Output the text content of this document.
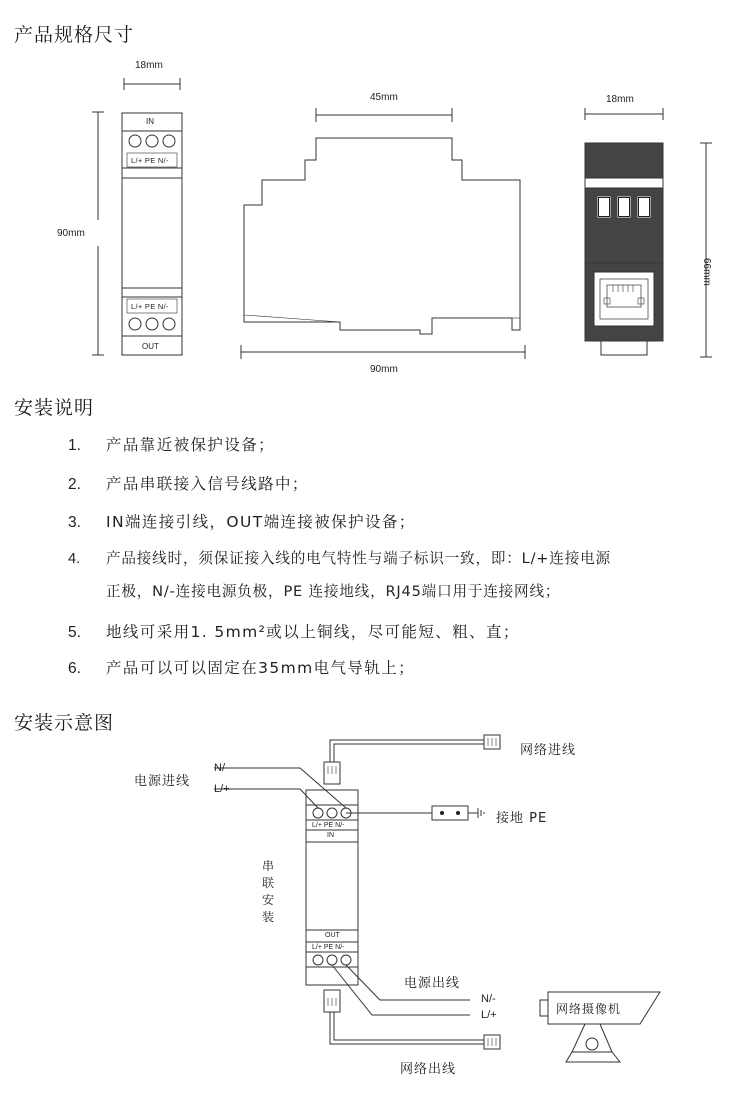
产品规格尺寸
18mm
90mm
IN
L/+ PE N/-
L/+ PE N/-
OUT
45mm
90mm
18mm
66mm
安装说明
1. 产品靠近被保护设备；
2. 产品串联接入信号线路中；
3. IN端连接引线，OUT端连接被保护设备；
4. 产品接线时，须保证接入线的电气特性与端子标识一致，即：L/+连接电源
正极，N/-连接电源负极，PE 连接地线，RJ45端口用于连接网线；
5. 地线可采用1. 5mm²或以上铜线，尽可能短、粗、直；
6. 产品可以可以固定在35mm电气导轨上；
安装示意图
网络进线
电源进线
N/-
L/+
接地 PE
L/+ PE N/-
IN
OUT
L/+ PE N/-
串联安装
电源出线
N/-
L/+	网络摄像机
网络出线
